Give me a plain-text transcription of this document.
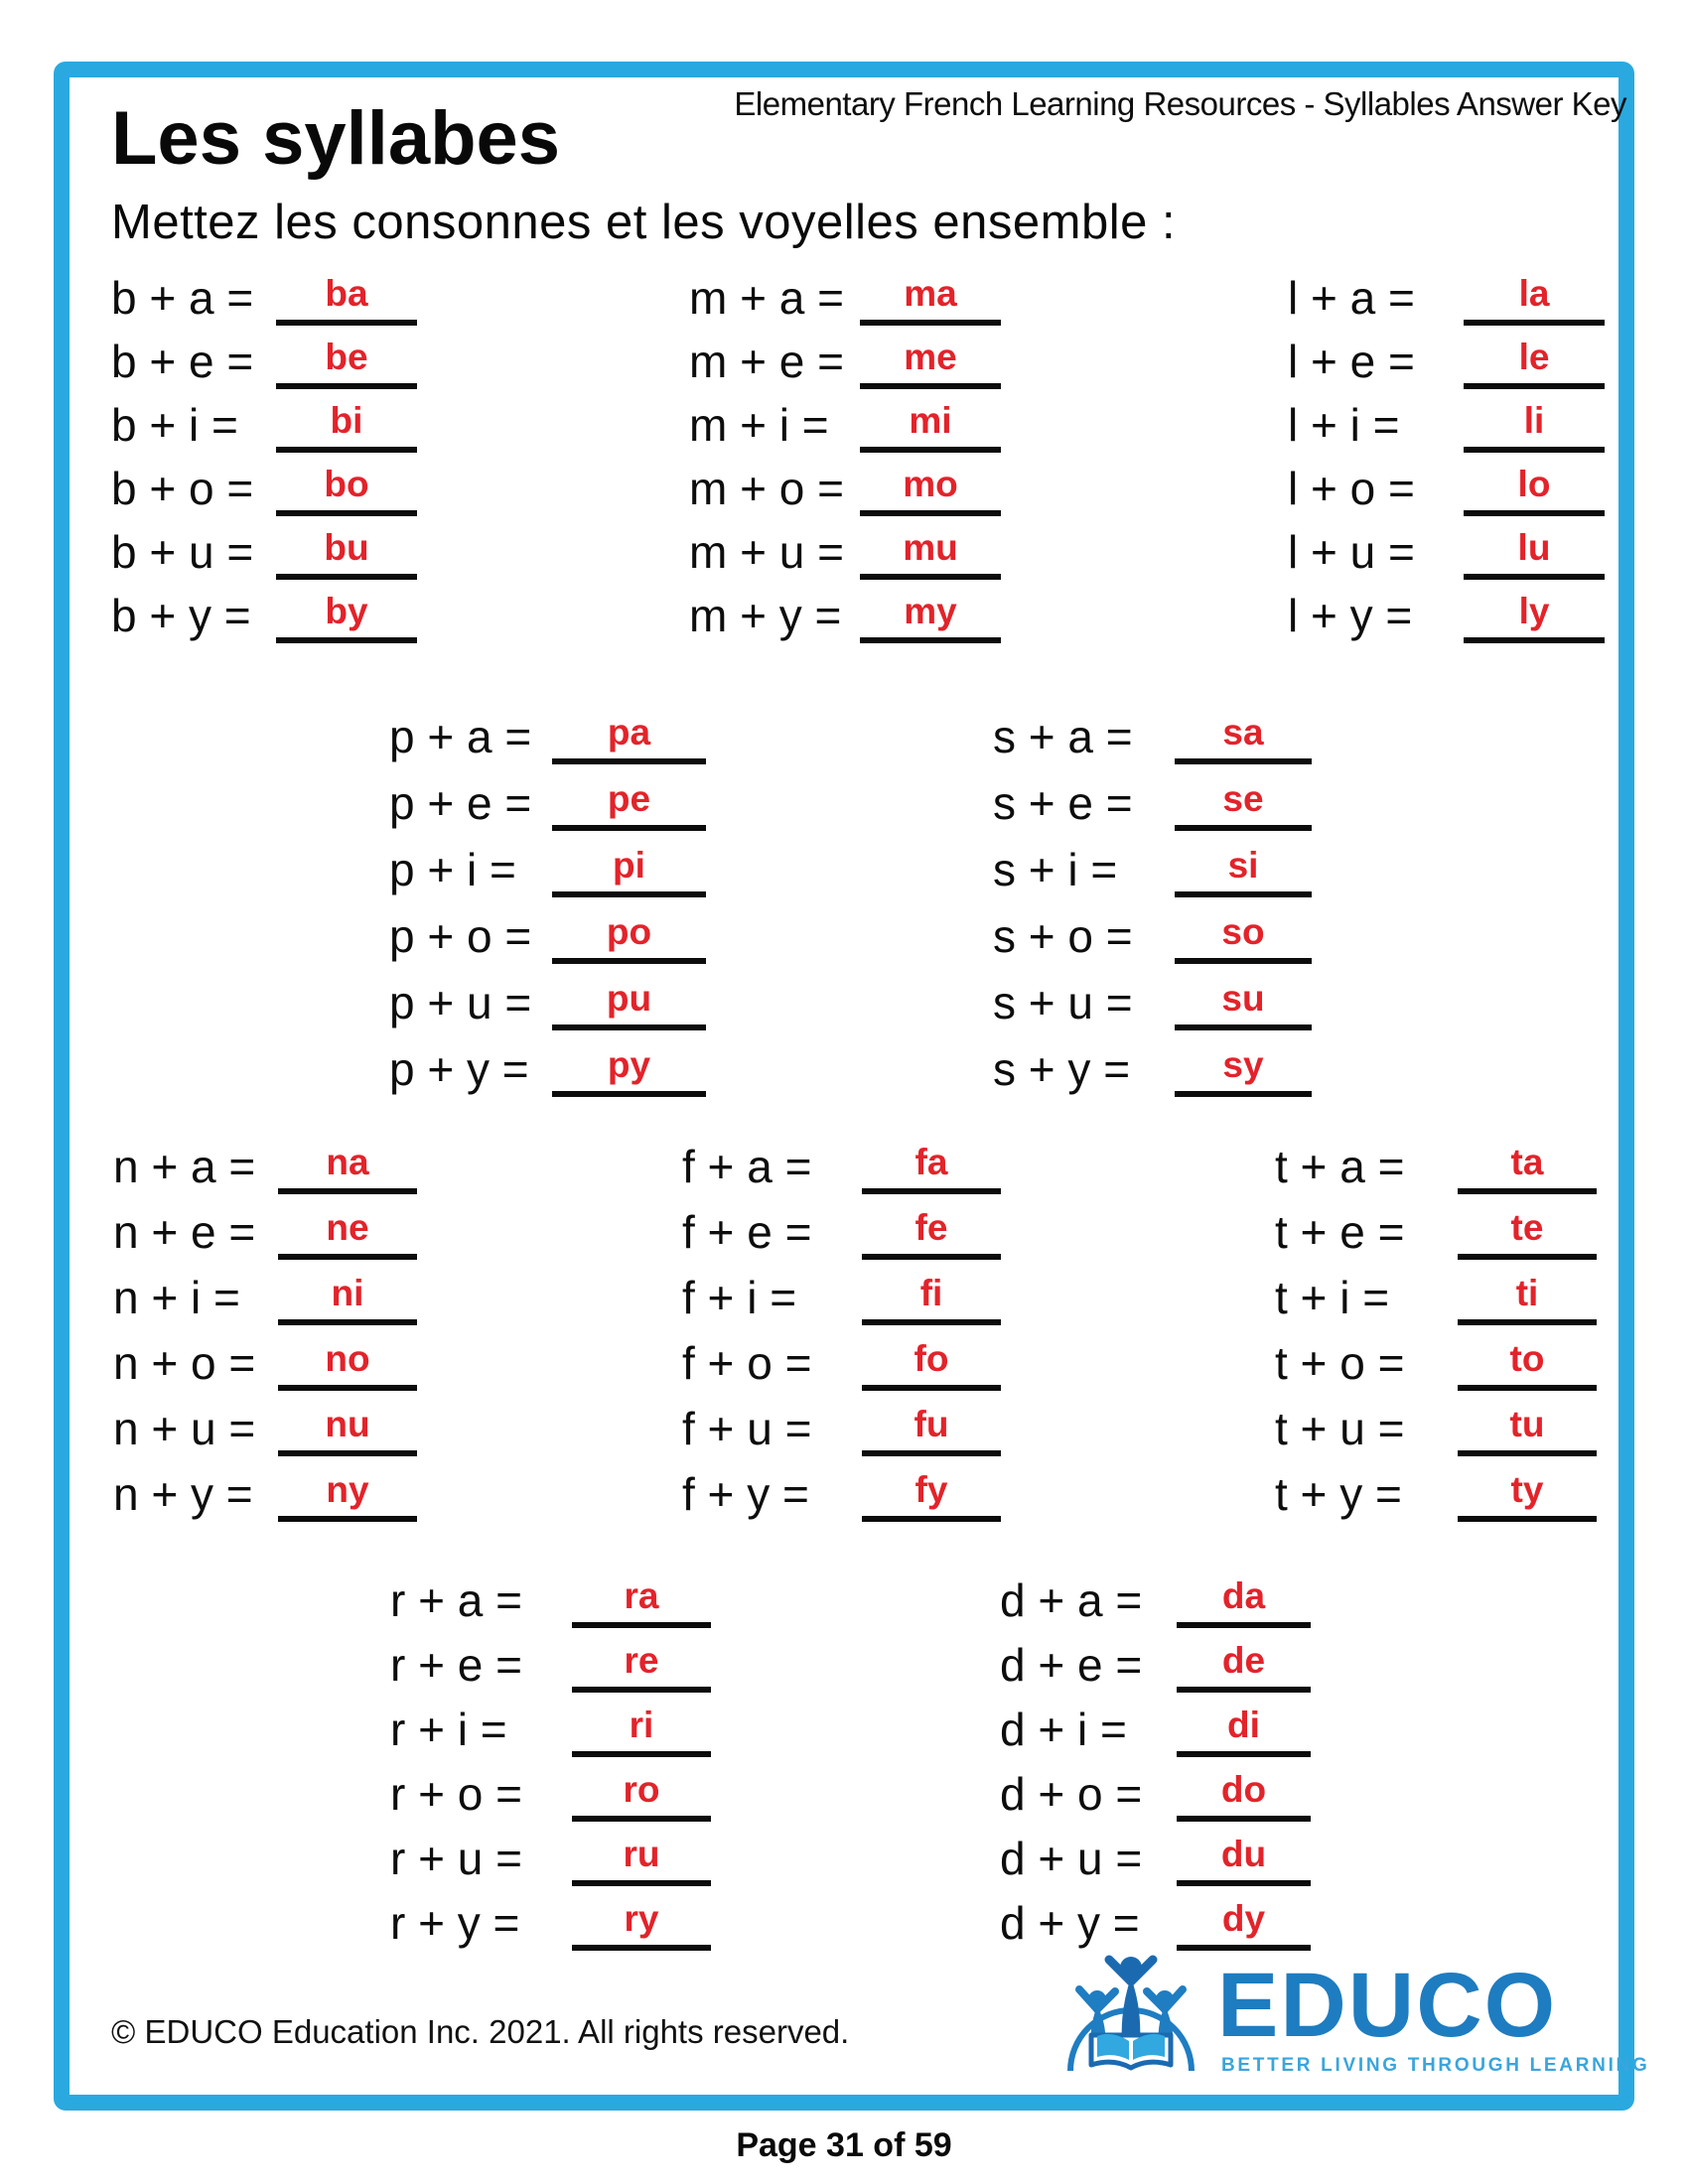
Elementary French Learning Resources - Syllables Answer Key
Les syllabes
Mettez les consonnes et les voyelles ensemble :
b + a =	ba
b + e =	be
b + i =	bi
b + o =	bo
b + u =	bu
b + y =	by
m + a =	ma
m + e =	me
m + i =	mi
m + o =	mo
m + u =	mu
m + y =	my
l + a =	la
l + e =	le
l + i =	li
l + o =	lo
l + u =	lu
l + y =	ly
p + a =	pa
p + e =	pe
p + i =	pi
p + o =	po
p + u =	pu
p + y =	py
s + a =	sa
s + e =	se
s + i =	si
s + o =	so
s + u =	su
s + y =	sy
n + a =	na
n + e =	ne
n + i =	ni
n + o =	no
n + u =	nu
n + y =	ny
f + a =	fa
f + e =	fe
f + i =	fi
f + o =	fo
f + u =	fu
f + y =	fy
t + a =	ta
t + e =	te
t + i =	ti
t + o =	to
t + u =	tu
t + y =	ty
r + a =	ra
r + e =	re
r + i =	ri
r + o =	ro
r + u =	ru
r + y =	ry
d + a =	da
d + e =	de
d + i =	di
d + o =	do
d + u =	du
d + y =	dy
© EDUCO Education Inc. 2021. All rights reserved.	EDUCO
BETTER LIVING THROUGH LEARNING
Page 31 of 59
